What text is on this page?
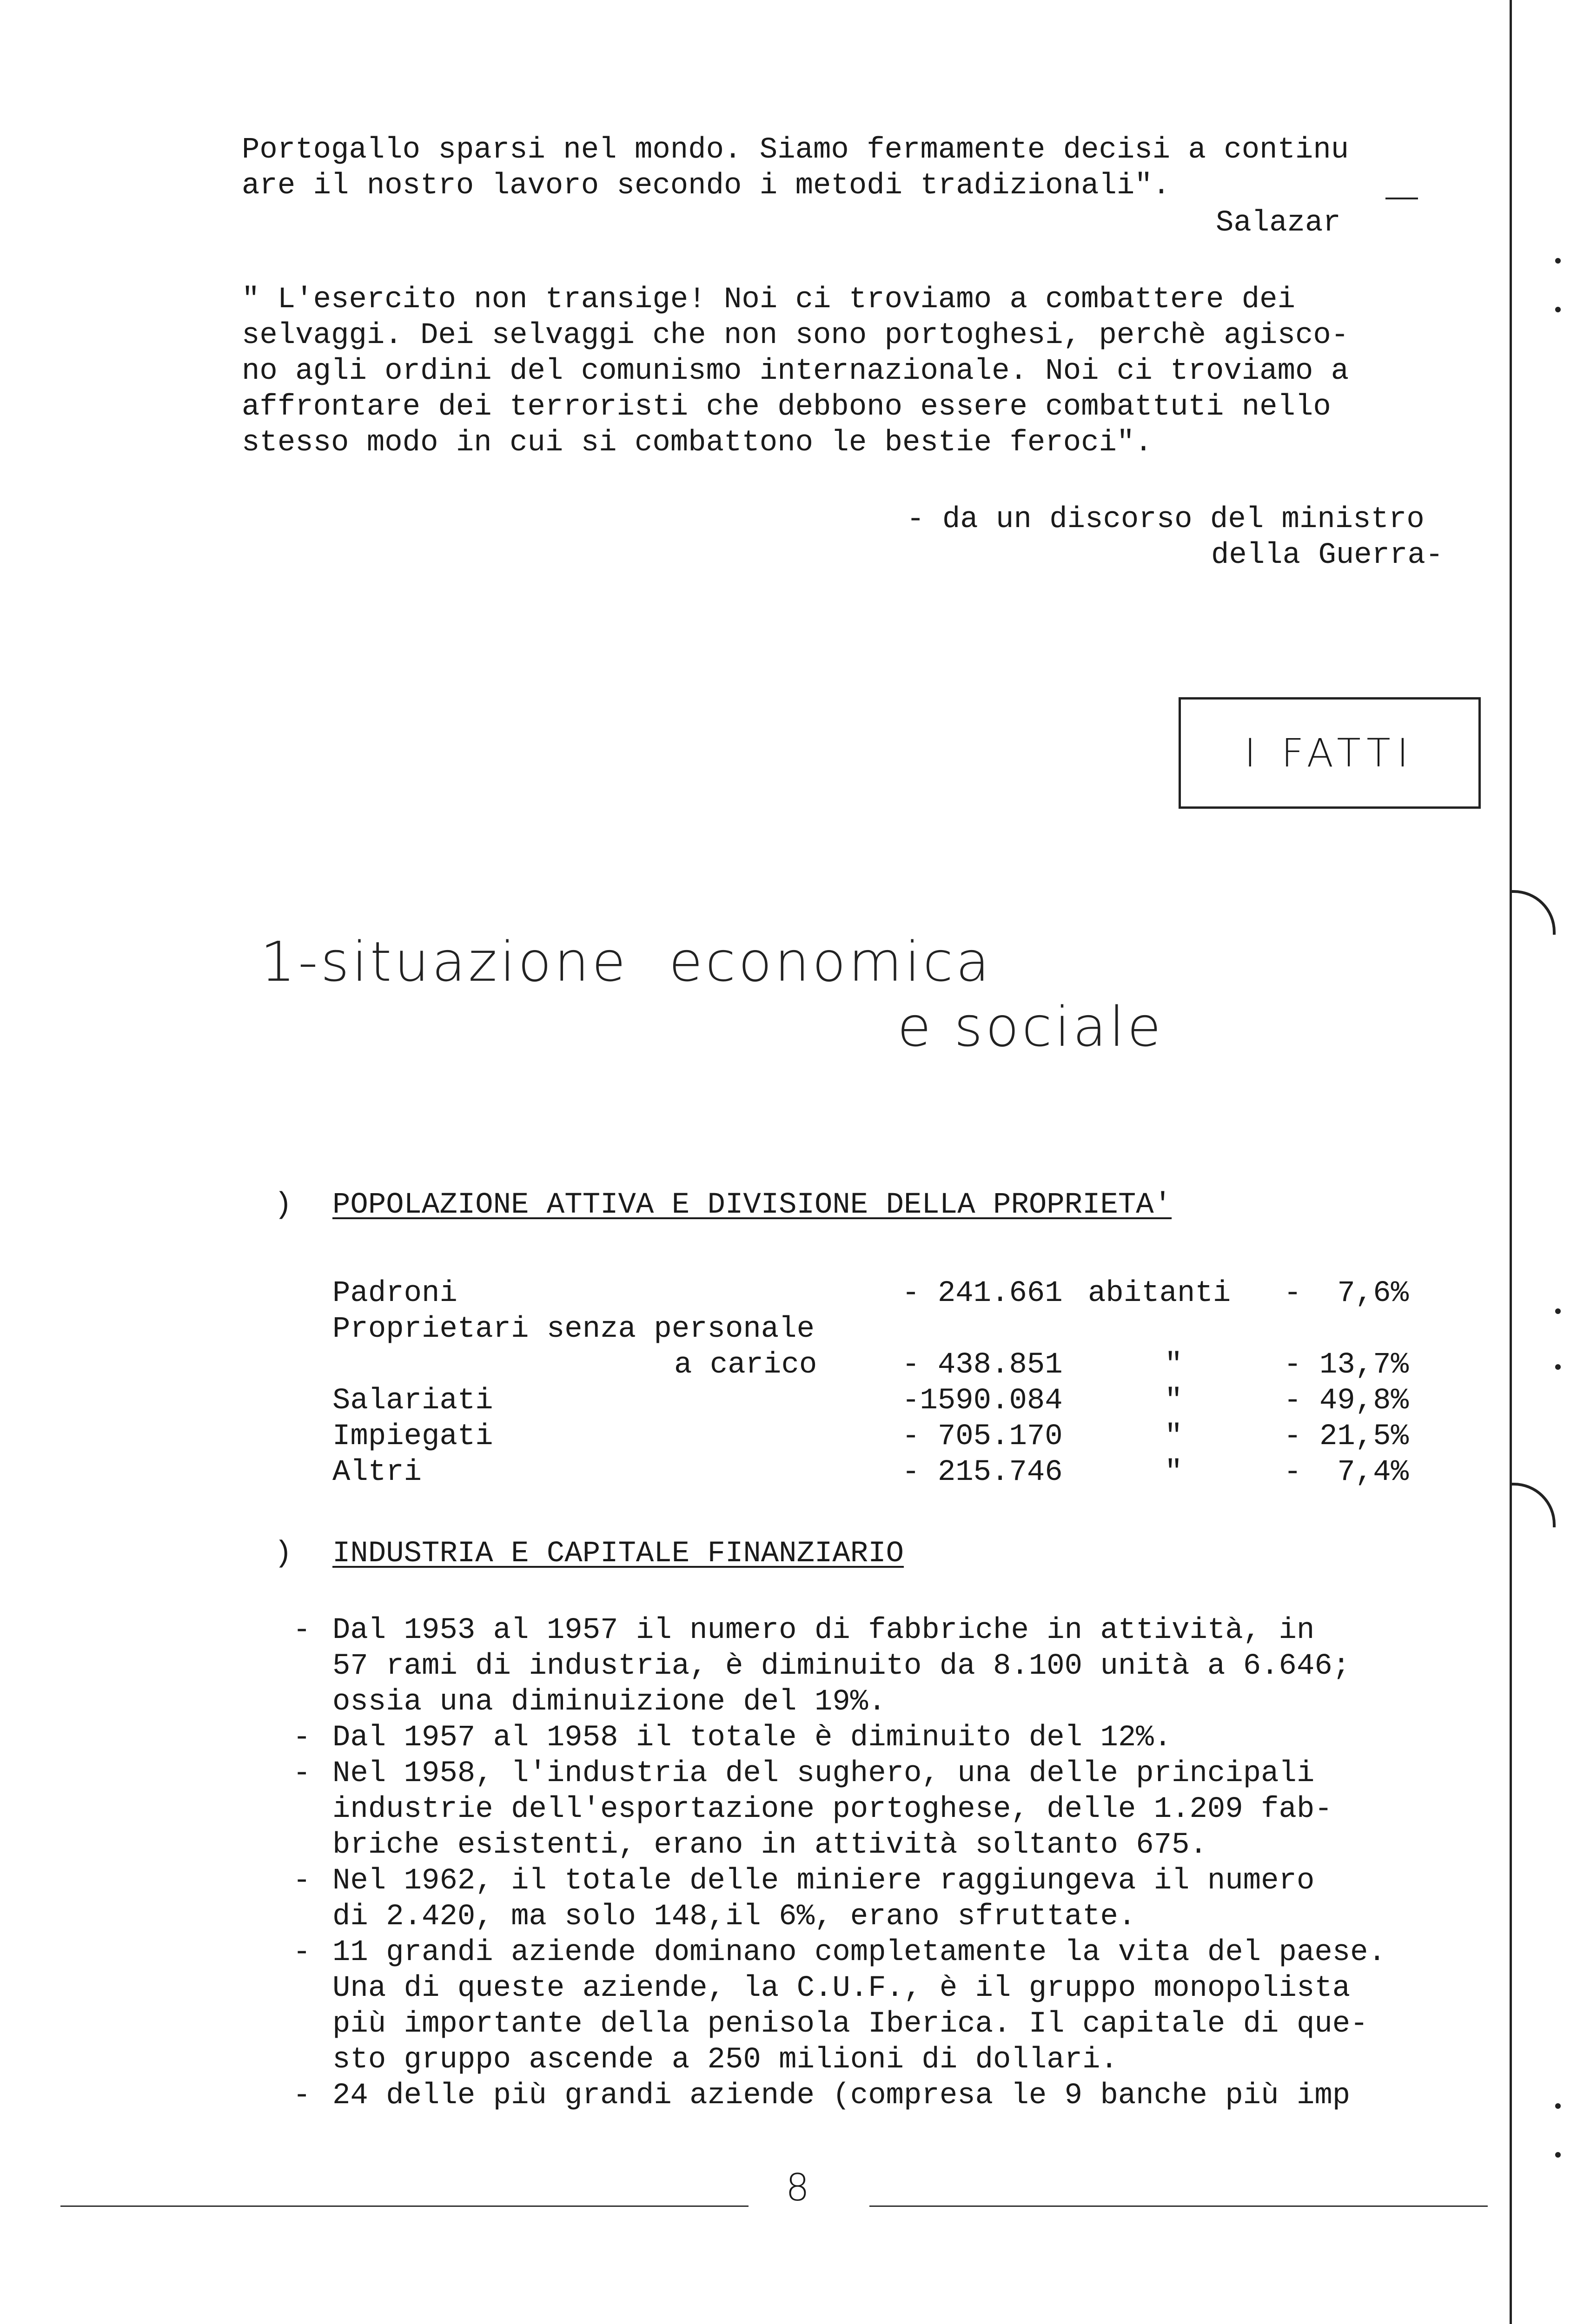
Portogallo sparsi nel mondo. Siamo fermamente decisi a continu
are il nostro lavoro secondo i metodi tradizionali".
Salazar
" L'esercito non transige! Noi ci troviamo a combattere dei
selvaggi. Dei selvaggi che non sono portoghesi, perchè agisco-
no agli ordini del comunismo internazionale. Noi ci troviamo a
affrontare dei terroristi che debbono essere combattuti nello
stesso modo in cui si combattono le bestie feroci".
- da un discorso del ministro
della Guerra-
I FATTI
1-situazione  economica
e sociale
) POPOLAZIONE ATTIVA E DIVISIONE DELLA PROPRIETA'
Padroni	- 241.661	abitanti	-  7,6%
Proprietari senza personale			
a carico	- 438.851	"	- 13,7%
Salariati	-1590.084	"	- 49,8%
Impiegati	- 705.170	"	- 21,5%
Altri	- 215.746	"	-  7,4%
) INDUSTRIA E CAPITALE FINANZIARIO

-

Dal 1953 al 1957 il numero di fabbriche in attività, in

57 rami di industria, è diminuito da 8.100 unità a 6.646;

ossia una diminuizione del 19%.

-

Dal 1957 al 1958 il totale è diminuito del 12%.

-

Nel 1958, l'industria del sughero, una delle principali

industrie dell'esportazione portoghese, delle 1.209 fab-

briche esistenti, erano in attività soltanto 675.

-

Nel 1962, il totale delle miniere raggiungeva il numero

di 2.420, ma solo 148,il 6%, erano sfruttate.

-

11 grandi aziende dominano completamente la vita del paese.

Una di queste aziende, la C.U.F., è il gruppo monopolista

più importante della penisola Iberica. Il capitale di que-

sto gruppo ascende a 250 milioni di dollari.

-

24 delle più grandi aziende (compresa le 9 banche più imp

8
